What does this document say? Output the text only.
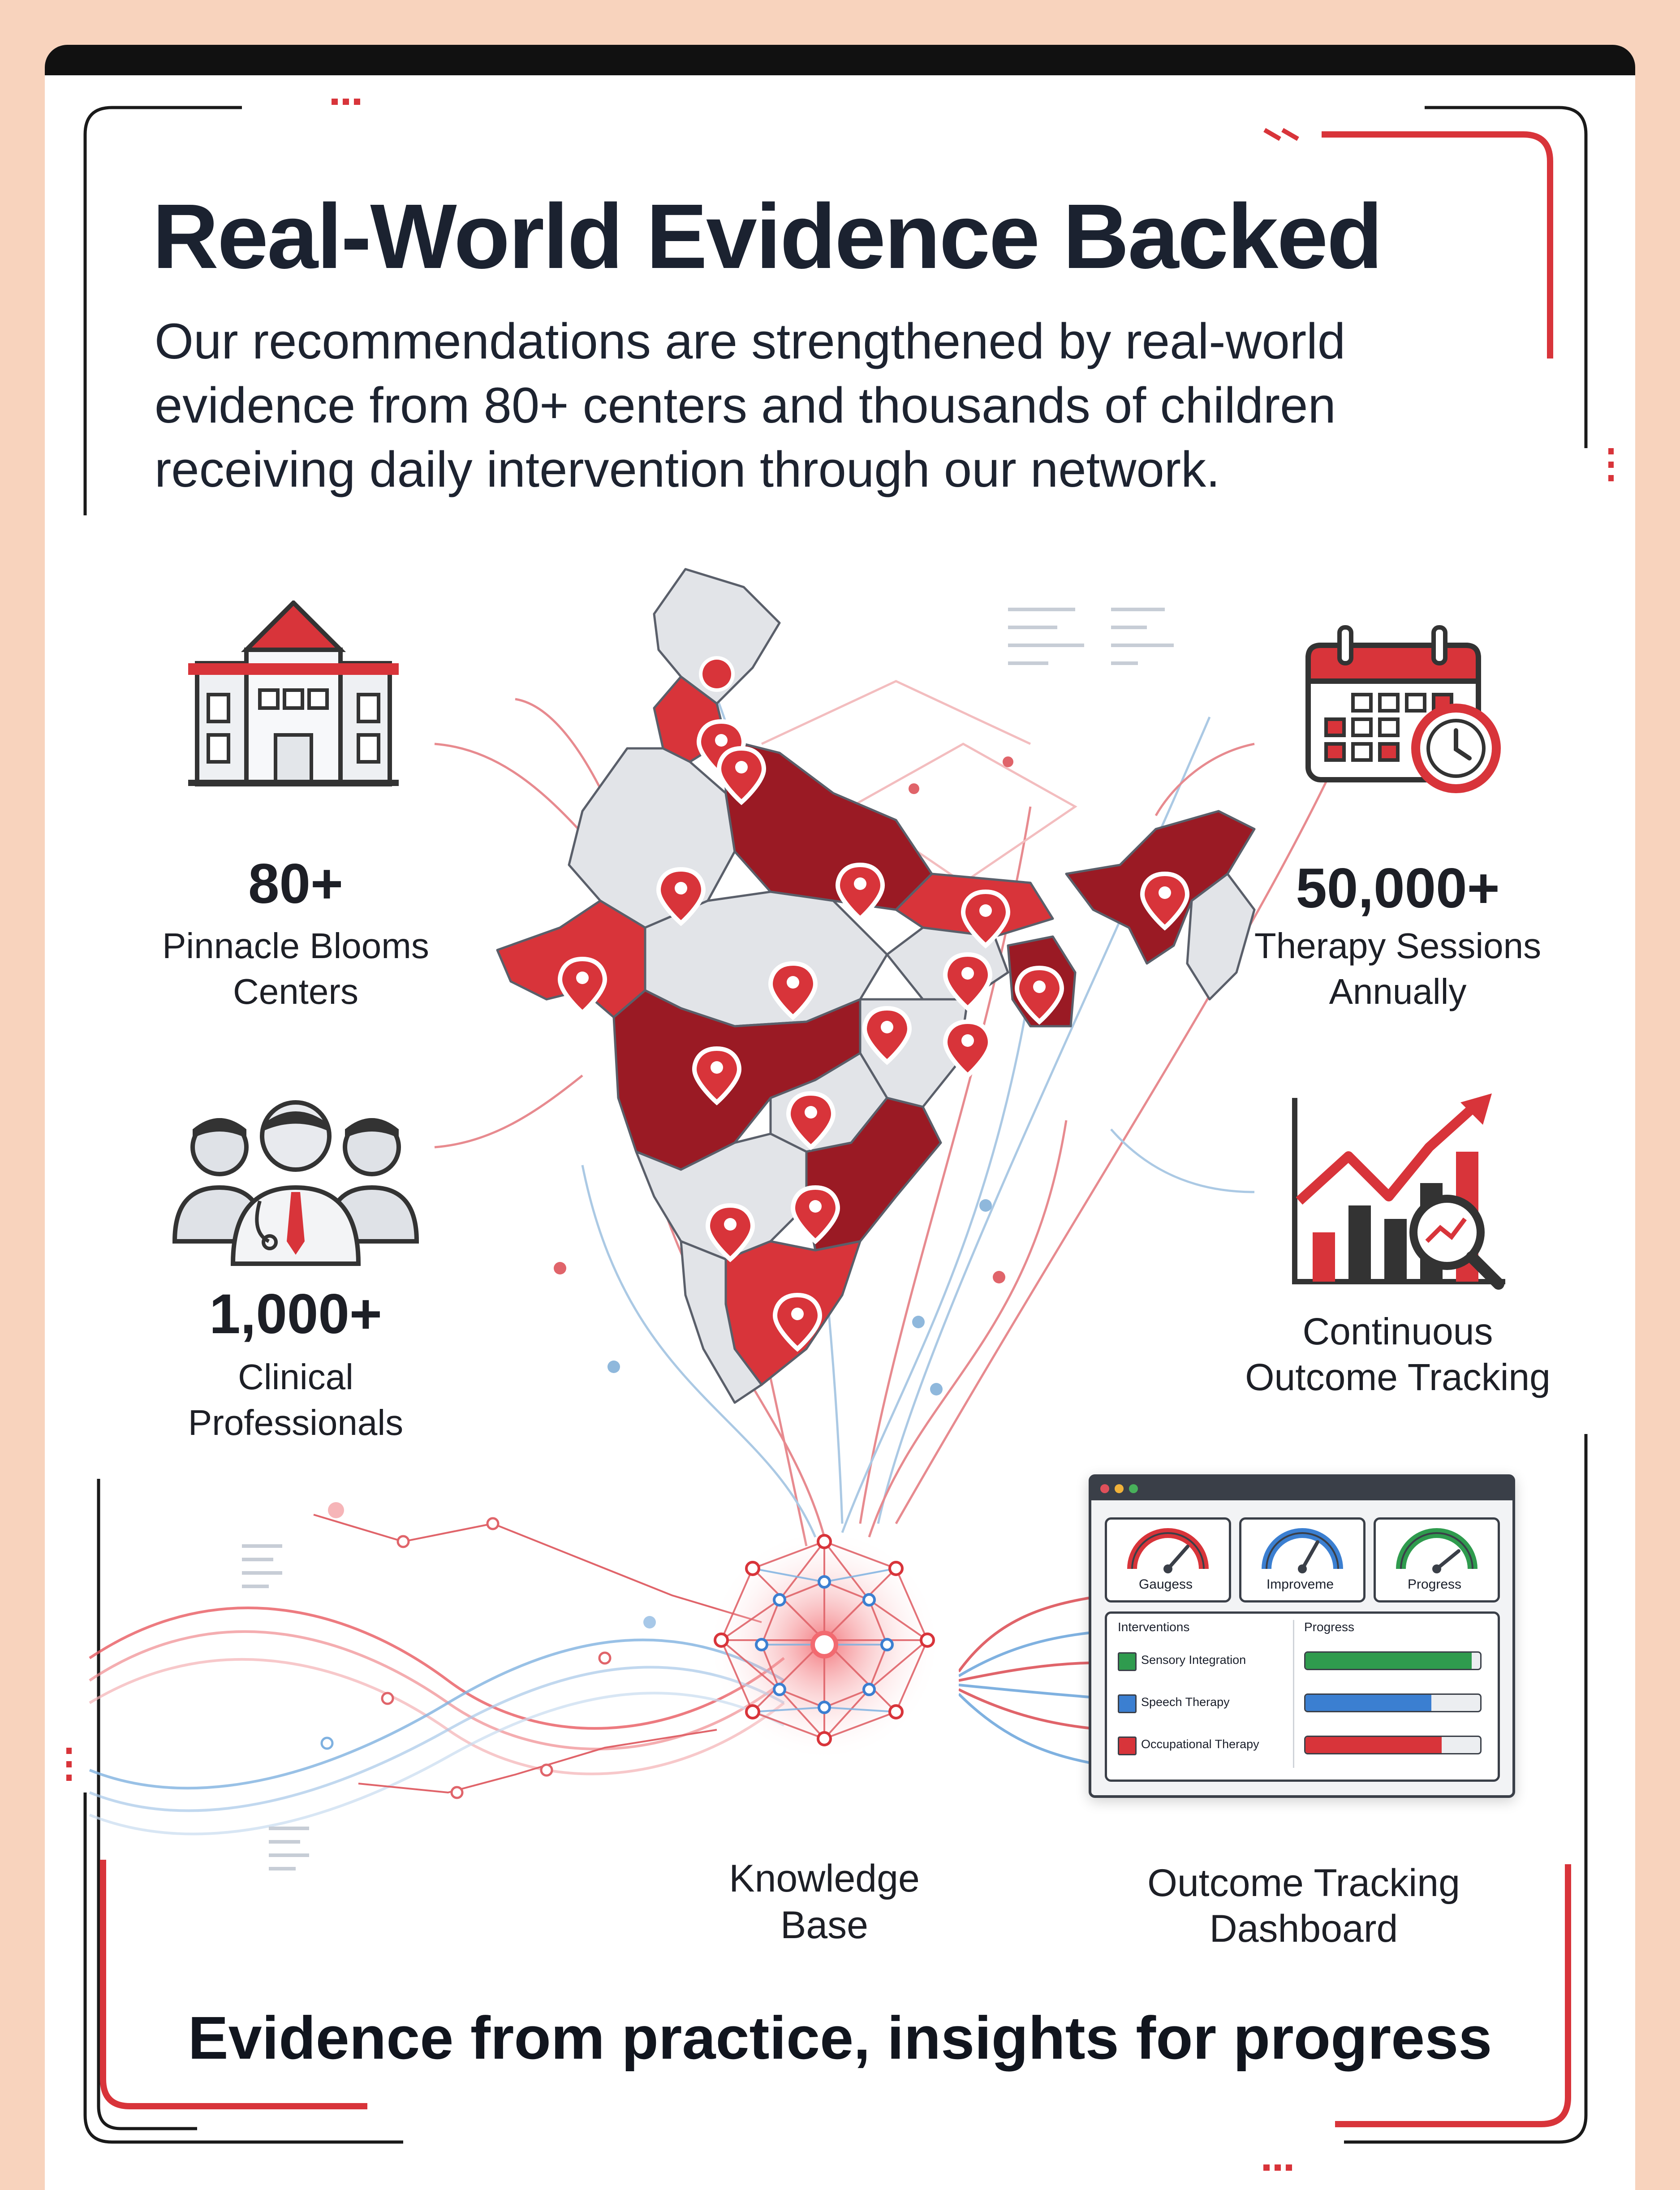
Real-World Evidence Backed
Our recommendations are strengthened by real-world evidence from 80+ centers and thousands of children receiving daily intervention through our network.
80+
Pinnacle Blooms
Centers
1,000+
Clinical
Professionals
50,000+
Therapy Sessions
Annually
Continuous
Outcome Tracking
Knowledge Base
Gaugess	Improveme	Progress
Interventions	Progress
Sensory Integration
Speech Therapy
Occupational Therapy
Outcome Tracking
Dashboard
Evidence from practice, insights for progress
